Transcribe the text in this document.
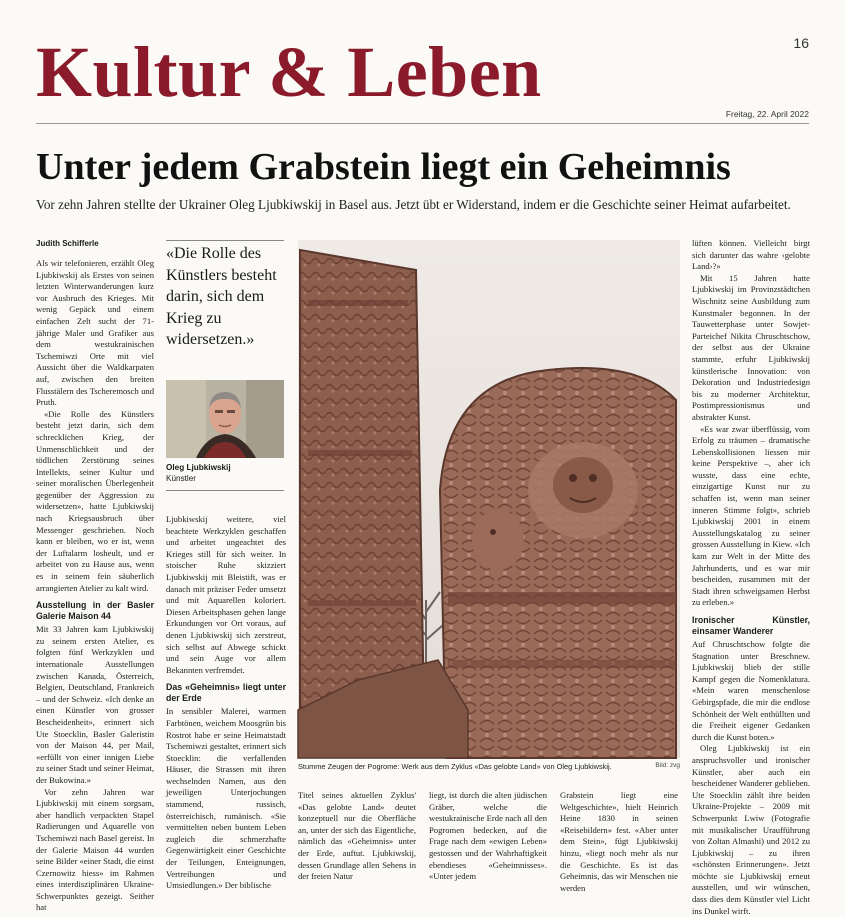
Kultur & Leben	16
Freitag, 22. April 2022
Unter jedem Grabstein liegt ein Geheimnis
Vor zehn Jahren stellte der Ukrainer Oleg Ljubkiwskij in Basel aus. Jetzt übt er Widerstand, indem er die Geschichte seiner Heimat aufarbeitet.
Judith Schifferle

Als wir telefonieren, erzählt Oleg Ljubkiwskij als Erstes von seinen letzten Winterwanderungen kurz vor Ausbruch des Krieges. Mit wenig Gepäck und einem einfachen Zelt sucht der 71-jährige Maler und Grafiker aus dem westukrainischen Tschemiwzi Orte mit viel Aussicht über die Waldkarpaten auf, zwischen den breiten Flusstälern des Tscheremosch und Pruth.

«Die Rolle des Künstlers besteht jetzt darin, sich dem schrecklichen Krieg, der Unmenschlichkeit und der tödlichen Zerstörung seines Intellekts, seiner Kultur und seiner moralischen Überlegenheit gegenüber der Aggression zu widersetzen», hatte Ljubkiwskij nach Kriegsausbruch über Messenger geschrieben. Noch kann er bleiben, wo er ist, wenn der Luftalarm losheult, und er arbeitet von zu Hause aus, wenn es in seinem fein säuberlich arrangierten Atelier zu kalt wird.

Ausstellung in der Basler Galerie Maison 44

Mit 33 Jahren kam Ljubkiwskij zu seinem ersten Atelier, es folgten fünf Werkzyklen und internationale Ausstellungen zwischen Kanada, Österreich, Belgien, Deutschland, Frankreich – und der Schweiz. «Ich denke an einen Künstler von grosser Bescheidenheit», erinnert sich Ute Stoecklin, Basler Galeristin von der Maison 44, per Mail, «erfüllt von einer innigen Liebe zu seiner Stadt und seiner Heimat, der Bukowina.»

Vor zehn Jahren war Ljubkiwskij mit einem sorgsam, aber handlich verpackten Stapel Radierungen und Aquarelle von Tschemiwzi nach Basel gereist. In der Galerie Maison 44 wurden seine Bilder «einer Stadt, die einst Czernowitz hiess» im Rahmen eines interdisziplinären Ukraine-Schwerpunktes gezeigt. Seither hat

«Die Rolle des Künstlers besteht darin, sich dem Krieg zu widersetzen.»
Oleg Ljubkiwskij
Künstler

Ljubkiwskij weitere, viel beachtete Werkzyklen geschaffen und arbeitet ungeachtet des Krieges still für sich weiter. In stoischer Ruhe skizziert Ljubkiwskij mit Bleistift, was er danach mit präziser Feder umsetzt und mit Aquarellen koloriert. Diesen Arbeitsphasen gehen lange Erkundungen vor Ort voraus, auf denen Ljubkiwskij sich zerstreut, sich selbst auf Abwege schickt und sein Auge vor allem Bekannten verfremdet.

Das «Geheimnis» liegt unter der Erde

In sensibler Malerei, warmen Farbtönen, weichem Moosgrün bis Rostrot habe er seine Heimatstadt Tschemiwzi gestaltet, erinnert sich Stoecklin: die verfallenden Häuser, die Strassen mit ihren wechselnden Namen, aus den jeweiligen Unterjochungen stammend, russisch, österreichisch, rumänisch. «Sie vermittelten neben buntem Leben zugleich die schmerzhafte Gegenwärtigkeit einer Geschichte der Teilungen, Enteignungen, Vertreibungen und Umsiedlungen.» Der biblische

Stumme Zeugen der Pogrome: Werk aus dem Zyklus «Das gelobte Land» von Oleg Ljubkiwskij.	Bild: zvg

Titel seines aktuellen Zyklus' «Das gelobte Land» deutet konzeptuell nur die Oberfläche an, unter der sich das Eigentliche, nämlich das «Geheimnis» unter der Erde, auftut. Ljubkiwskij, dessen Grundlage allen Sehens in der freien Natur

liegt, ist durch die alten jüdischen Gräber, welche die westukrainische Erde nach all den Pogromen bedecken, auf die Frage nach dem «ewigen Leben» gestossen und der Wahrhaftigkeit ebendieses «Geheimnisses». «Unter jedem

Grabstein liegt eine Weltgeschichte», hielt Heinrich Heine 1830 in seinen «Reisebildern» fest. «Aber unter dem Stein», fügt Ljubkiwskij hinzu, «liegt noch mehr als nur die Geschichte. Es ist das Geheimnis, das wir Menschen nie werden

lüften können. Vielleicht birgt sich darunter das wahre ‹gelobte Land›?»

Mit 15 Jahren hatte Ljubkiwskij im Provinzstädtchen Wischnitz seine Ausbildung zum Kunstmaler begonnen. In der Tauwetterphase unter Sowjet-Parteichef Nikita Chruschtschow, der selbst aus der Ukraine stammte, erfuhr Ljubkiwskij künstlerische Innovation: von Dekoration und Industriedesign bis zu moderner Architektur, Postimpressionismus und abstrakter Kunst.

«Es war zwar überflüssig, vom Erfolg zu träumen – dramatische Lebenskollisionen liessen mir keine Perspektive –, aber ich wusste, dass eine echte, einzigartige Kunst nur zu schaffen ist, wenn man seiner inneren Stimme folgt», schrieb Ljubkiwskij 2001 in einem Ausstellungskatalog zu seiner grossen Ausstellung in Kiew. «Ich kam zur Welt in der Mitte des Jahrhunderts, und es war mir bescheiden, zusammen mit der Stadt ihren schweigsamen Herbst zu erleben.»

Ironischer Künstler, einsamer Wanderer

Auf Chruschtschow folgte die Stagnation unter Breschnew. Ljubkiwskij blieb der stille Kampf gegen die Nomenklatura. «Mein waren menschenlose Gebirgspfade, die mir die endlose Schönheit der Welt enthüllten und die Freiheit eigener Gedanken durch die Kunst boten.»

Oleg Ljubkiwskij ist ein anspruchsvoller und ironischer Künstler, aber auch ein bescheidener Wanderer geblieben. Ute Stoecklin zählt ihre beiden Ukraine-Projekte – 2009 mit Schwerpunkt Lwiw (Fotografie mit musikalischer Uraufführung von Zoltan Almashi) und 2012 zu Ljubkiwskij – zu ihren «schönsten Erinnerungen». Jetzt möchte sie Ljubkiwskij erneut ausstellen, und wir wünschen, dass dies dem Künstler viel Licht ins Dunkel wirft.
